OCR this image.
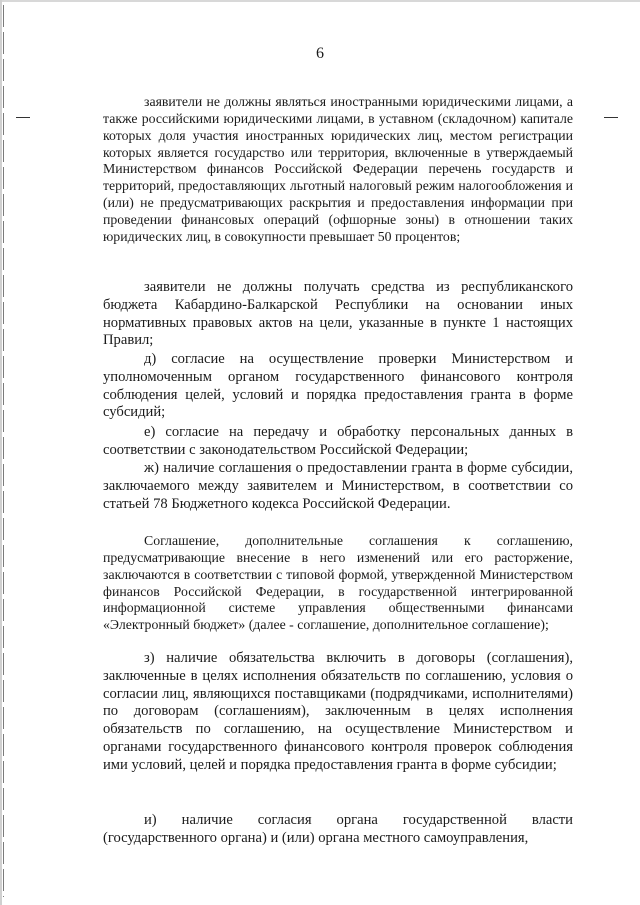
6

заявители не должны являться иностранными юридическими лицами, а также российскими юридическими лицами, в уставном (складочном) капитале которых доля участия иностранных юридических лиц, местом регистрации которых является государство или территория, включенные в утверждаемый Министерством финансов Российской Федерации перечень государств и территорий, предоставляющих льготный налоговый режим налогообложения и (или) не предусматривающих раскрытия и предоставления информации при проведении финансовых операций (офшорные зоны) в отношении таких юридических лиц, в совокупности превышает 50 процентов;

заявители не должны получать средства из республиканского бюджета Кабардино-Балкарской Республики на основании иных нормативных правовых актов на цели, указанные в пункте 1 настоящих Правил;

д) согласие на осуществление проверки Министерством и уполномоченным органом государственного финансового контроля соблюдения целей, условий и порядка предоставления гранта в форме субсидий;

е) согласие на передачу и обработку персональных данных в соответствии с законодательством Российской Федерации;

ж) наличие соглашения о предоставлении гранта в форме субсидии, заключаемого между заявителем и Министерством, в соответствии со статьей 78 Бюджетного кодекса Российской Федерации.

Соглашение, дополнительные соглашения к соглашению, предусматривающие внесение в него изменений или его расторжение, заключаются в соответствии с типовой формой, утвержденной Министерством финансов Российской Федерации, в государственной интегрированной информационной системе управления общественными финансами «Электронный бюджет» (далее - соглашение, дополнительное соглашение);

з) наличие обязательства включить в договоры (соглашения), заключенные в целях исполнения обязательств по соглашению, условия о согласии лиц, являющихся поставщиками (подрядчиками, исполнителями) по договорам (соглашениям), заключенным в целях исполнения обязательств по соглашению, на осуществление Министерством и органами государственного финансового контроля проверок соблюдения ими условий, целей и порядка предоставления гранта в форме субсидии;

и) наличие согласия органа государственной власти (государственного органа) и (или) органа местного самоуправления,
